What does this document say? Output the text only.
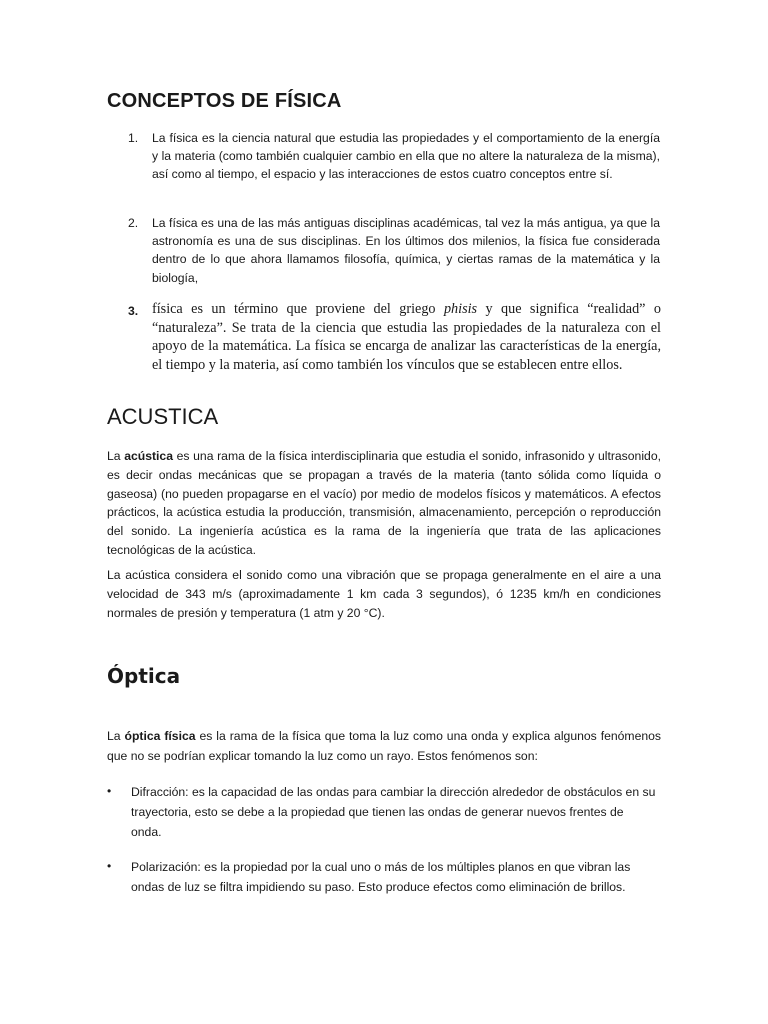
CONCEPTOS DE FÍSICA
1. La física es la ciencia natural que estudia las propiedades y el comportamiento de la energía y la materia (como también cualquier cambio en ella que no altere la naturaleza de la misma), así como al tiempo, el espacio y las interacciones de estos cuatro conceptos entre sí.
2. La física es una de las más antiguas disciplinas académicas, tal vez la más antigua, ya que la astronomía es una de sus disciplinas. En los últimos dos milenios, la física fue considerada dentro de lo que ahora llamamos filosofía, química, y ciertas ramas de la matemática y la biología,
3. física es un término que proviene del griego phisis y que significa “realidad” o “naturaleza”. Se trata de la ciencia que estudia las propiedades de la naturaleza con el apoyo de la matemática. La física se encarga de analizar las características de la energía, el tiempo y la materia, así como también los vínculos que se establecen entre ellos.
ACUSTICA

La acústica es una rama de la física interdisciplinaria que estudia el sonido, infrasonido y ultrasonido, es decir ondas mecánicas que se propagan a través de la materia (tanto sólida como líquida o gaseosa) (no pueden propagarse en el vacío) por medio de modelos físicos y matemáticos. A efectos prácticos, la acústica estudia la producción, transmisión, almacenamiento, percepción o reproducción del sonido. La ingeniería acústica es la rama de la ingeniería que trata de las aplicaciones tecnológicas de la acústica.

La acústica considera el sonido como una vibración que se propaga generalmente en el aire a una velocidad de 343 m/s (aproximadamente 1 km cada 3 segundos), ó 1235 km/h en condiciones normales de presión y temperatura (1 atm y 20 °C).

Óptica

La óptica física es la rama de la física que toma la luz como una onda y explica algunos fenómenos que no se podrían explicar tomando la luz como un rayo. Estos fenómenos son:

• Difracción: es la capacidad de las ondas para cambiar la dirección alrededor de obstáculos en su trayectoria, esto se debe a la propiedad que tienen las ondas de generar nuevos frentes de onda.
• Polarización: es la propiedad por la cual uno o más de los múltiples planos en que vibran las ondas de luz se filtra impidiendo su paso. Esto produce efectos como eliminación de brillos.
